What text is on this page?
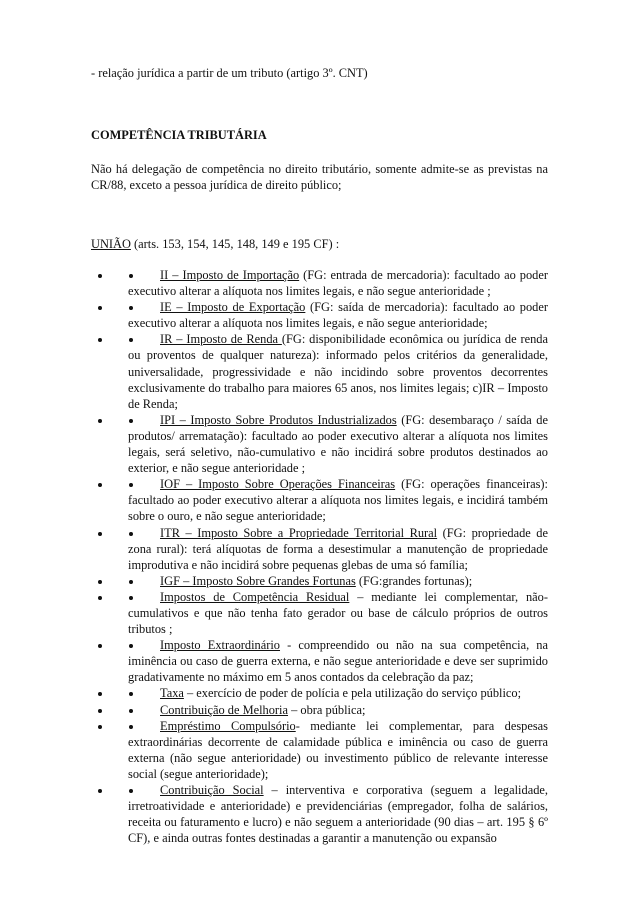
- relação jurídica a partir de um tributo (artigo 3º. CNT)

COMPETÊNCIA TRIBUTÁRIA

Não há delegação de competência no direito tributário, somente admite-se as previstas na CR/88, exceto a pessoa jurídica de direito público;

UNIÃO (arts. 153, 154, 145, 148, 149 e 195 CF) :

II – Imposto de Importação (FG: entrada de mercadoria): facultado ao poder executivo alterar a alíquota nos limites legais, e não segue anterioridade ;
IE – Imposto de Exportação (FG: saída de mercadoria): facultado ao poder executivo alterar a alíquota nos limites legais, e não segue anterioridade;
IR – Imposto de Renda (FG: disponibilidade econômica ou jurídica de renda ou proventos de qualquer natureza): informado pelos critérios da generalidade, universalidade, progressividade e não incidindo sobre proventos decorrentes exclusivamente do trabalho para maiores 65 anos, nos limites legais; c)IR – Imposto de Renda;
IPI – Imposto Sobre Produtos Industrializados (FG: desembaraço / saída de produtos/ arrematação): facultado ao poder executivo alterar a alíquota nos limites legais, será seletivo, não-cumulativo e não incidirá sobre produtos destinados ao exterior, e não segue anterioridade ;
IOF – Imposto Sobre Operações Financeiras (FG: operações financeiras): facultado ao poder executivo alterar a alíquota nos limites legais, e incidirá também sobre o ouro, e não segue anterioridade;
ITR – Imposto Sobre a Propriedade Territorial Rural (FG: propriedade de zona rural): terá alíquotas de forma a desestimular a manutenção de propriedade improdutiva e não incidirá sobre pequenas glebas de uma só família;
IGF – Imposto Sobre Grandes Fortunas (FG:grandes fortunas);
Impostos de Competência Residual – mediante lei complementar, não-cumulativos e que não tenha fato gerador ou base de cálculo próprios de outros tributos ;
Imposto Extraordinário - compreendido ou não na sua competência, na iminência ou caso de guerra externa, e não segue anterioridade e deve ser suprimido gradativamente no máximo em 5 anos contados da celebração da paz;
Taxa – exercício de poder de polícia e pela utilização do serviço público;
Contribuição de Melhoria – obra pública;
Empréstimo Compulsório- mediante lei complementar, para despesas extraordinárias decorrente de calamidade pública e iminência ou caso de guerra externa (não segue anterioridade) ou investimento público de relevante interesse social (segue anterioridade);
Contribuição Social – interventiva e corporativa (seguem a legalidade, irretroatividade e anterioridade) e previdenciárias (empregador, folha de salários, receita ou faturamento e lucro) e não seguem a anterioridade (90 dias – art. 195 § 6º CF), e ainda outras fontes destinadas a garantir a manutenção ou expansão
